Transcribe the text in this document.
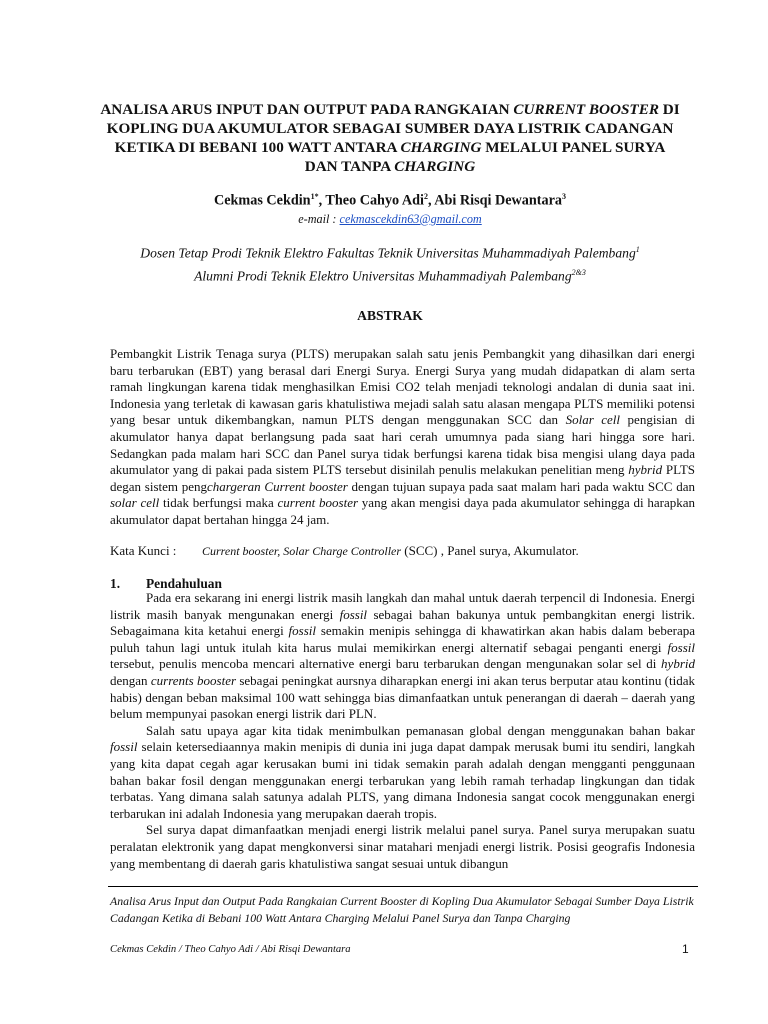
ANALISA ARUS INPUT DAN OUTPUT PADA RANGKAIAN CURRENT BOOSTER DI KOPLING DUA AKUMULATOR SEBAGAI SUMBER DAYA LISTRIK CADANGAN KETIKA DI BEBANI 100 WATT ANTARA CHARGING MELALUI PANEL SURYA DAN TANPA CHARGING
Cekmas Cekdin$^{1*}$, Theo Cahyo Adi$^2$, Abi Risqi Dewantara$^3$
e-mail : cekmascekdin63@gmail.com
Dosen Tetap Prodi Teknik Elektro Fakultas Teknik Universitas Muhammadiyah Palembang$^1$
Alumni Prodi Teknik Elektro Universitas Muhammadiyah Palembang$^{2\&3}$
ABSTRAK
Pembangkit Listrik Tenaga surya (PLTS) merupakan salah satu jenis Pembangkit yang dihasilkan dari energi baru terbarukan (EBT) yang berasal dari Energi Surya. Energi Surya yang mudah didapatkan di alam serta ramah lingkungan karena tidak menghasilkan Emisi CO2 telah menjadi teknologi andalan di dunia saat ini. Indonesia yang terletak di kawasan garis khatulistiwa mejadi salah satu alasan mengapa PLTS memiliki potensi yang besar untuk dikembangkan, namun PLTS dengan menggunakan SCC dan Solar cell pengisian di akumulator hanya dapat berlangsung pada saat hari cerah umumnya pada siang hari hingga sore hari. Sedangkan pada malam hari SCC dan Panel surya tidak berfungsi karena tidak bisa mengisi ulang daya pada akumulator yang di pakai pada sistem PLTS tersebut disinilah penulis melakukan penelitian meng hybrid PLTS degan sistem pengchargeran Current booster dengan tujuan supaya pada saat malam hari pada waktu SCC dan solar cell tidak berfungsi maka current booster yang akan mengisi daya pada akumulator sehingga di harapkan akumulator dapat bertahan hingga 24 jam.
Kata Kunci : Current booster, Solar Charge Controller (SCC) , Panel surya, Akumulator.
1. Pendahuluan

Pada era sekarang ini energi listrik masih langkah dan mahal untuk daerah terpencil di Indonesia. Energi listrik masih banyak mengunakan energi fossil sebagai bahan bakunya untuk pembangkitan energi listrik. Sebagaimana kita ketahui energi fossil semakin menipis sehingga di khawatirkan akan habis dalam beberapa puluh tahun lagi untuk itulah kita harus mulai memikirkan energi alternatif sebagai penganti energi fossil tersebut, penulis mencoba mencari alternative energi baru terbarukan dengan mengunakan solar sel di hybrid dengan currents booster sebagai peningkat aursnya diharapkan energi ini akan terus berputar atau kontinu (tidak habis) dengan beban maksimal 100 watt sehingga bias dimanfaatkan untuk penerangan di daerah – daerah yang belum mempunyai pasokan energi listrik dari PLN.

Salah satu upaya agar kita tidak menimbulkan pemanasan global dengan menggunakan bahan bakar fossil selain ketersediaannya makin menipis di dunia ini juga dapat dampak merusak bumi itu sendiri, langkah yang kita dapat cegah agar kerusakan bumi ini tidak semakin parah adalah dengan mengganti penggunaan bahan bakar fosil dengan menggunakan energi terbarukan yang lebih ramah terhadap lingkungan dan tidak terbatas. Yang dimana salah satunya adalah PLTS, yang dimana Indonesia sangat cocok menggunakan energi terbarukan ini adalah Indonesia yang merupakan daerah tropis.

Sel surya dapat dimanfaatkan menjadi energi listrik melalui panel surya. Panel surya merupakan suatu peralatan elektronik yang dapat mengkonversi sinar matahari menjadi energi listrik. Posisi geografis Indonesia yang membentang di daerah garis khatulistiwa sangat sesuai untuk dibangun

Analisa Arus Input dan Output Pada Rangkaian Current Booster di Kopling Dua Akumulator Sebagai Sumber Daya Listrik Cadangan Ketika di Bebani 100 Watt Antara Charging Melalui Panel Surya dan Tanpa Charging
Cekmas Cekdin / Theo Cahyo Adi / Abi Risqi Dewantara	1
